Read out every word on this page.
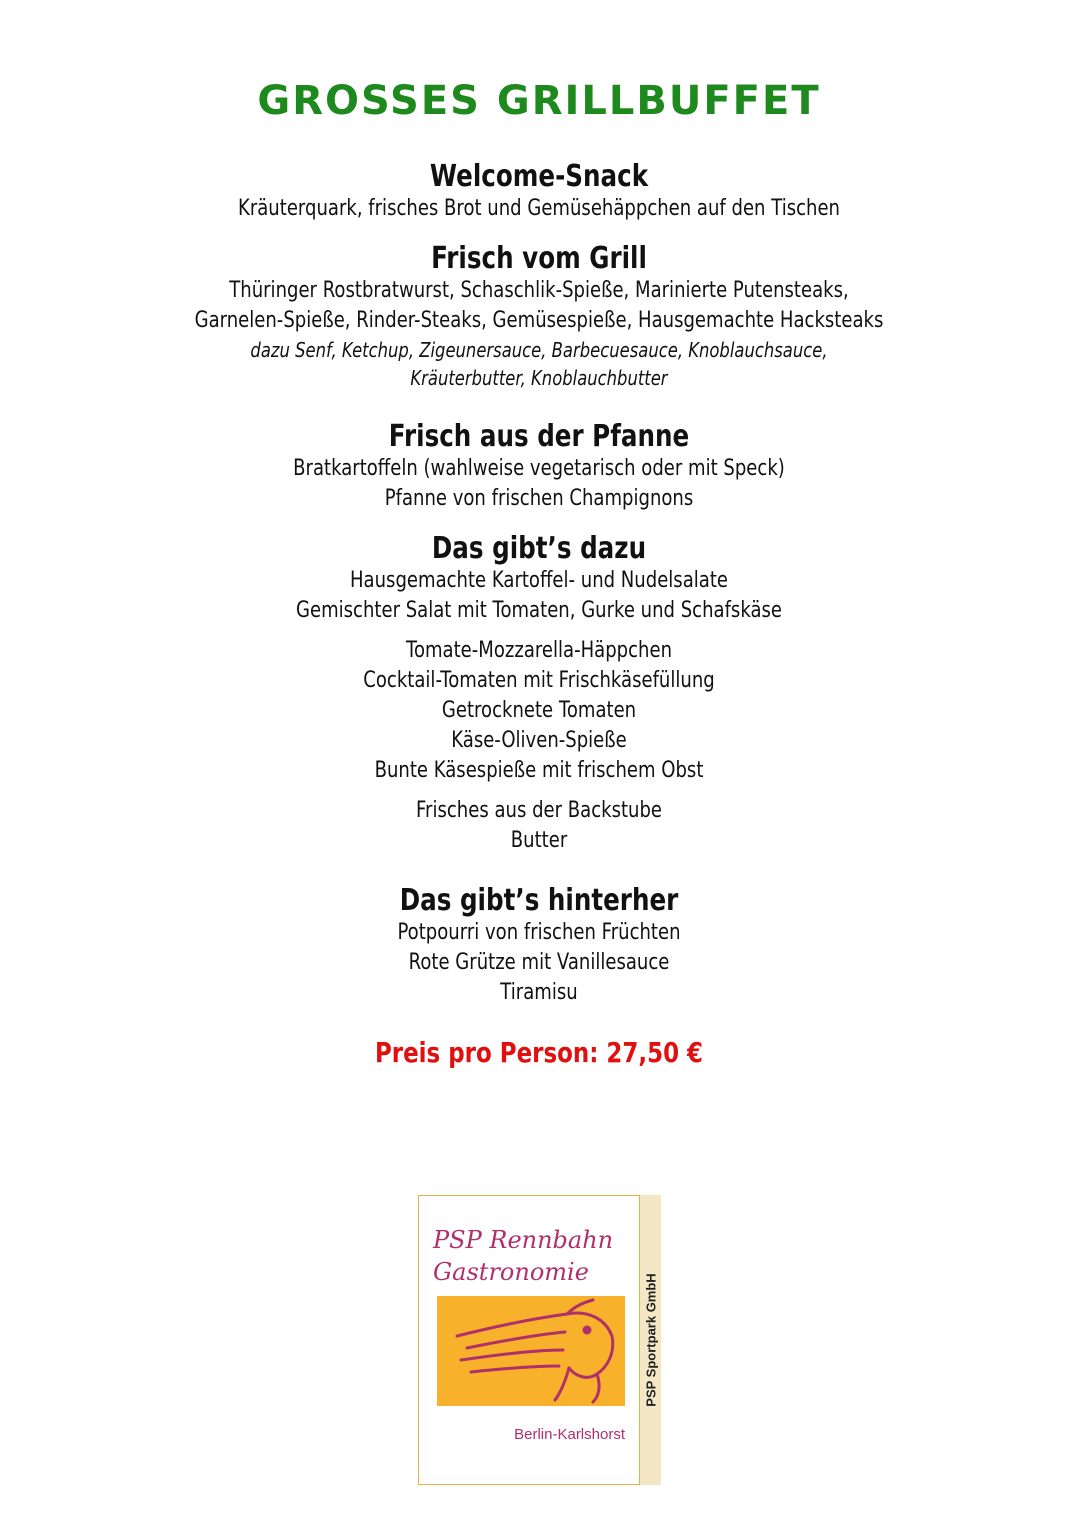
GROSSES GRILLBUFFET

Welcome-Snack

Kräuterquark, frisches Brot und Gemüsehäppchen auf den Tischen

Frisch vom Grill

Thüringer Rostbratwurst, Schaschlik-Spieße, Marinierte Putensteaks,

Garnelen-Spieße, Rinder-Steaks, Gemüsespieße, Hausgemachte Hacksteaks

dazu Senf, Ketchup, Zigeunersauce, Barbecuesauce, Knoblauchsauce,

Kräuterbutter, Knoblauchbutter

Frisch aus der Pfanne

Bratkartoffeln (wahlweise vegetarisch oder mit Speck)

Pfanne von frischen Champignons

Das gibt’s dazu

Hausgemachte Kartoffel- und Nudelsalate

Gemischter Salat mit Tomaten, Gurke und Schafskäse

Tomate-Mozzarella-Häppchen

Cocktail-Tomaten mit Frischkäsefüllung

Getrocknete Tomaten

Käse-Oliven-Spieße

Bunte Käsespieße mit frischem Obst

Frisches aus der Backstube

Butter

Das gibt’s hinterher

Potpourri von frischen Früchten

Rote Grütze mit Vanillesauce

Tiramisu

Preis pro Person: 27,50 €

PSP Rennbahn
Gastronomie
Berlin-Karlshorst
PSP Sportpark GmbH
